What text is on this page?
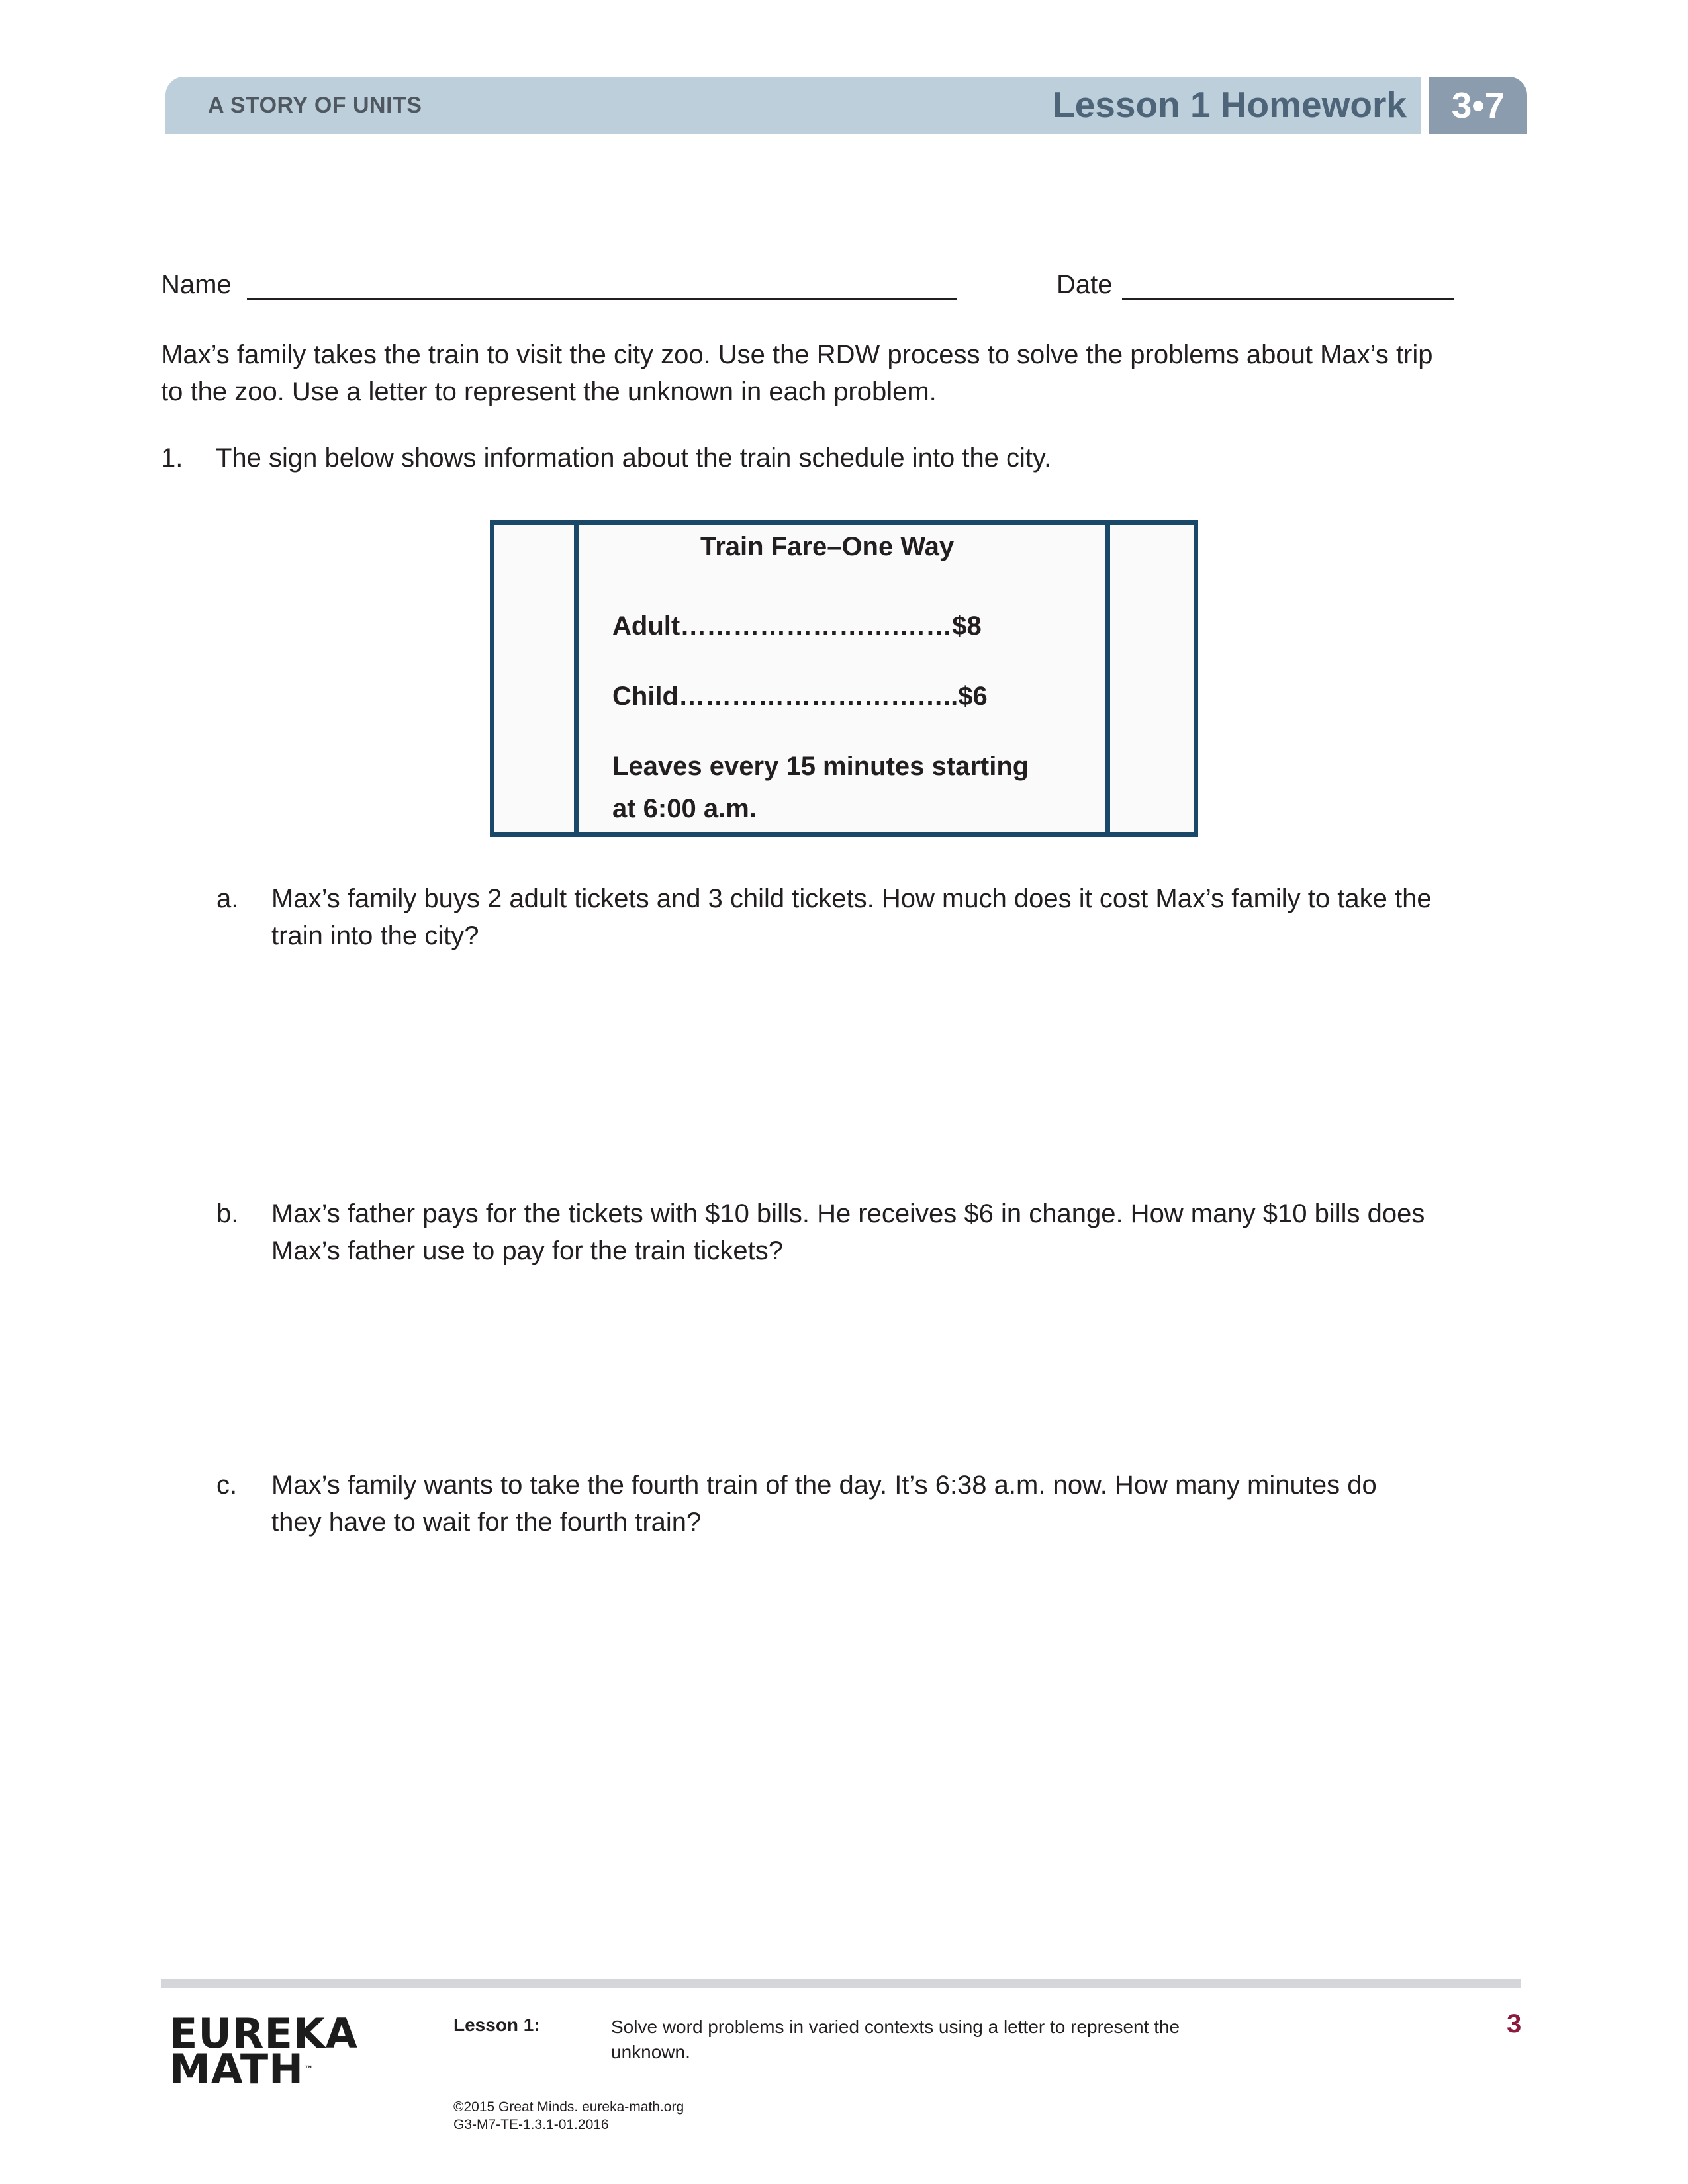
A STORY OF UNITS	Lesson 1 Homework	3•7
Name	Date
Max’s family takes the train to visit the city zoo. Use the RDW process to solve the problems about Max’s trip
to the zoo. Use a letter to represent the unknown in each problem.
1. The sign below shows information about the train schedule into the city.
Train Fare–One Way
Adult…………………….……$8
Child…………………………..$6
Leaves every 15 minutes starting
at 6:00 a.m.
a. Max’s family buys 2 adult tickets and 3 child tickets. How much does it cost Max’s family to take the
train into the city?
b. Max’s father pays for the tickets with $10 bills. He receives $6 in change. How many $10 bills does
Max’s father use to pay for the train tickets?
c. Max’s family wants to take the fourth train of the day. It’s 6:38 a.m. now. How many minutes do
they have to wait for the fourth train?
EUREKA
MATH™
Lesson 1:	Solve word problems in varied contexts using a letter to represent the
unknown.
3
©2015 Great Minds. eureka-math.org
G3-M7-TE-1.3.1-01.2016
